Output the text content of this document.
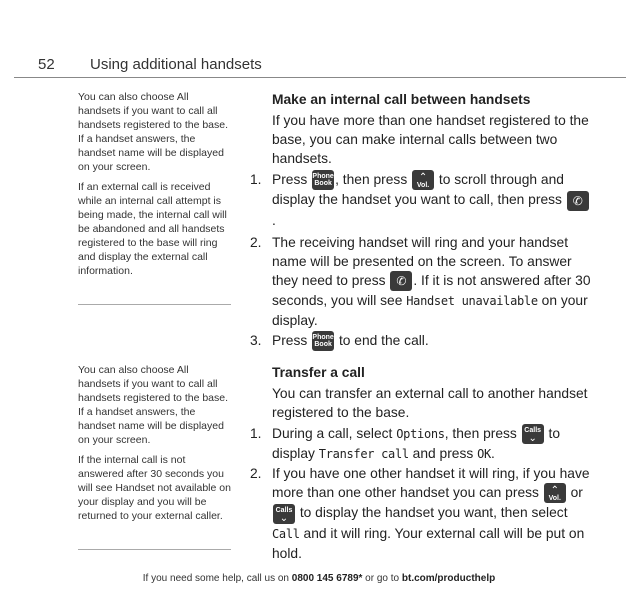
52 Using additional handsets

You can also choose All handsets if you want to call all handsets registered to the base. If a handset answers, the handset name will be displayed on your screen.

If an external call is received while an internal call attempt is being made, the internal call will be abandoned and all handsets registered to the base will ring and display the external call information.

You can also choose All handsets if you want to call all handsets registered to the base. If a handset answers, the handset name will be displayed on your screen.

If the internal call is not answered after 30 seconds you will see Handset not available on your display and you will be returned to your external caller.

Make an internal call between handsets
If you have more than one handset registered to the base, you can make internal calls between two handsets.
1. Press Phone Book , then press	⌃
Vol. to scroll through and display the handset you want to call, then press ✆
.
2. The receiving handset will ring and your handset name will be presented on the screen. To answer they need to press ✆ . If it is not answered after 30 seconds, you will see Handset unavailable on your display.
3. Press Phone Book to end the call.
Transfer a call
You can transfer an external call to another handset registered to the base.
1. During a call, select Options, then press	Calls
⌄ to display Transfer call and press OK.
2. If you have one other handset it will ring, if you have more than one other handset you can press	⌃
Vol. or
Calls
⌄ to display the handset you want, then select Call and it will ring. Your external call will be put on hold.
If you need some help, call us on 0800 145 6789* or go to bt.com/producthelp
